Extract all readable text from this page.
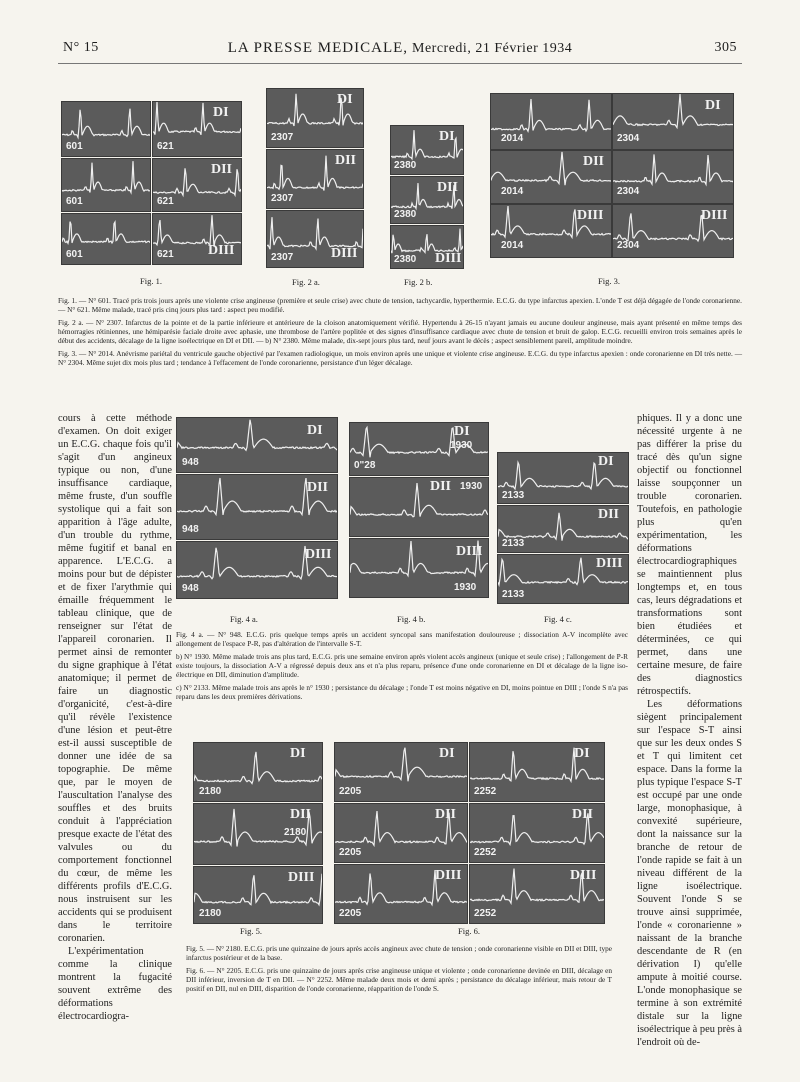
N° 15	LA PRESSE MEDICALE, Mercredi, 21 Février 1934	305
601	621
DI
601	621
DII
601	621 DIII
Fig. 1.
2307
DI
2307
DII
2307	DIII
Fig. 2 a.
2380
DI
2380
DII
2380 DIII
Fig. 2 b.
2014	2304
DI
2014
DII
2304
2014
DIII
2304
DIII
Fig. 3.

Fig. 1. — N° 601. Tracé pris trois jours après une violente crise angineuse (première et seule crise) avec chute de tension, tachycardie, hyperthermie. E.C.G. du type infarctus apexien. L'onde T est déjà dégagée de l'onde coronarienne. — N° 621. Même malade, tracé pris cinq jours plus tard : aspect peu modifié.

Fig. 2 a. — N° 2307. Infarctus de la pointe et de la partie inférieure et antérieure de la cloison anatomiquement vérifié. Hypertendu à 26-15 n'ayant jamais eu aucune douleur angineuse, mais ayant présenté en même temps des hémorragies rétiniennes, une hémiparésie faciale droite avec aphasie, une thrombose de l'artère poplitée et des signes d'insuffisance cardiaque avec chute de tension et bruit de galop. E.C.G. recueilli environ trois semaines après le début des accidents, décalage de la ligne isoélectrique en DI et DII. — b) N° 2380. Même malade, dix-sept jours plus tard, neuf jours avant le décès ; aspect sensiblement pareil, amplitude moindre.

Fig. 3. — N° 2014. Anévrisme pariétal du ventricule gauche objectivé par l'examen radiologique, un mois environ après une unique et violente crise angineuse. E.C.G. du type infarctus apexien : onde coronarienne en DI très nette. — N° 2304. Même sujet dix mois plus tard ; tendance à l'effacement de l'onde coronarienne, persistance d'un léger décalage.

cours à cette méthode d'examen. On doit exiger un E.C.G. chaque fois qu'il s'agit d'un angineux typique ou non, d'une insuffisance cardiaque, même fruste, d'un souffle systolique qui a fait son apparition à l'âge adulte, d'un trouble du rythme, même fugitif et banal en apparence. L'E.C.G. a moins pour but de dépister et de fixer l'arythmie qui émaille fréquemment le tableau clinique, que de renseigner sur l'état de l'appareil coronarien. Il permet ainsi de remonter du signe graphique à l'état anatomique; il permet de faire un diagnostic d'organicité, c'est-à-dire qu'il révèle l'existence d'une lésion et peut-être est-il aussi susceptible de donner une idée de sa topographie. De même que, par le moyen de l'auscultation l'analyse des souffles et des bruits conduit à l'appréciation presque exacte de l'état des valvules ou du comportement fonctionnel du cœur, de même les différents profils d'E.C.G. nous instruisent sur les accidents qui se produisent dans le territoire coronarien.

L'expérimentation comme la clinique montrent la fugacité souvent extrême des déformations électrocardiogra-

phiques. Il y a donc une nécessité urgente à ne pas différer la prise du tracé dès qu'un signe objectif ou fonctionnel laisse soupçonner un trouble coronarien. Toutefois, en pathologie plus qu'en expérimentation, les déformations électrocardiographiques se maintiennent plus longtemps et, en tous cas, leurs dégradations et transformations sont bien étudiées et déterminées, ce qui permet, dans une certaine mesure, de faire des diagnostics rétrospectifs.

Les déformations siègent principalement sur l'espace S-T ainsi que sur les deux ondes S et T qui limitent cet espace. Dans la forme la plus typique l'espace S-T est occupé par une onde large, monophasique, à convexité supérieure, dont la naissance sur la branche de retour de l'onde rapide se fait à un niveau différent de la ligne isoélectrique. Souvent l'onde S se trouve ainsi supprimée, l'onde « coronarienne » naissant de la branche descendante de R (en dérivation I) qu'elle ampute à moitié course. L'onde monophasique se termine à son extrémité distale sur la ligne isoélectrique à peu près à l'endroit où de-

948
DI
948
DII
948
DIII
Fig. 4 a.
0"28
1930
DI
1930
DII
1930
DIII
Fig. 4 b.
2133
DI
2133
DII
2133
DIII
Fig. 4 c.

Fig. 4 a. — N° 948. E.C.G. pris quelque temps après un accident syncopal sans manifestation douloureuse ; dissociation A-V incomplète avec allongement de l'espace P-R, pas d'altération de l'intervalle S-T.

b) N° 1930. Même malade trois ans plus tard, E.C.G. pris une semaine environ après violent accès angineux (unique et seule crise) ; l'allongement de P-R existe toujours, la dissociation A-V a régressé depuis deux ans et n'a plus reparu, présence d'une onde coronarienne en DI et décalage de la ligne iso-électrique en DII, diminution d'amplitude.

c) N° 2133. Même malade trois ans après le n° 1930 ; persistance du décalage ; l'onde T est moins négative en DI, moins pointue en DIII ; l'onde S n'a pas reparu dans les deux premières dérivations.

2180
DI
2180
DII
2180
DIII
Fig. 5.
2205
DI
2252
DI
2205
DII
2252
DII
2205
DIII
2252
DIII
Fig. 6.

Fig. 5. — N° 2180. E.C.G. pris une quinzaine de jours après accès angineux avec chute de tension ; onde coronarienne visible en DII et DIII, type infarctus postérieur et de la base.

Fig. 6. — N° 2205. E.C.G. pris une quinzaine de jours après crise angineuse unique et violente ; onde coronarienne devinée en DIII, décalage en DII inférieur, inversion de T en DII. — N° 2252. Même malade deux mois et demi après ; persistance du décalage inférieur, mais retour de T positif en DII, nul en DIII, disparition de l'onde coronarienne, réapparition de l'onde S.
